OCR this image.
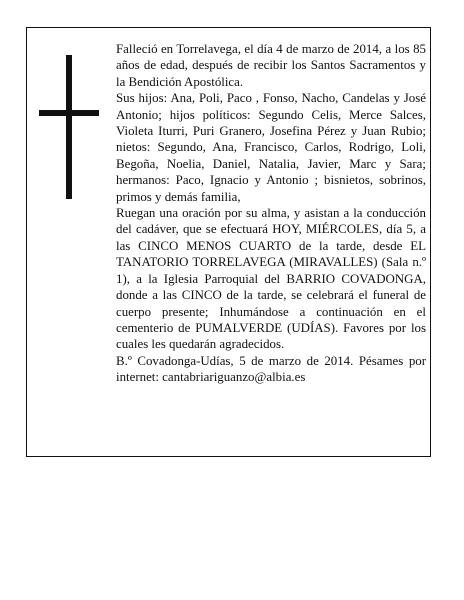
Falleció en Torrelavega, el día 4 de marzo de 2014, a los 85 años de edad, después de recibir los Santos Sacramentos y la Bendición Apostólica.

Sus hijos: Ana, Poli, Paco , Fonso, Nacho, Candelas y José Antonio; hijos políticos: Segundo Celis, Merce Salces, Violeta Iturri, Puri Granero, Josefina Pérez y Juan Rubio; nietos: Segundo, Ana, Francisco, Carlos, Rodrigo, Loli, Begoña, Noelia, Daniel, Natalia, Javier, Marc y Sara; hermanos: Paco, Ignacio y Antonio ; bisnietos, sobrinos, primos y demás familia,

Ruegan una oración por su alma, y asistan a la conducción del cadáver, que se efectuará HOY, MIÉRCOLES, día 5, a las CINCO MENOS CUARTO de la tarde, desde EL TANATORIO TORRELAVEGA (MIRAVALLES) (Sala n.º 1), a la Iglesia Parroquial del BARRIO COVADONGA, donde a las CINCO de la tarde, se celebrará el funeral de cuerpo presente; Inhumándose a continuación en el cementerio de PUMALVERDE (UDÍAS). Favores por los cuales les quedarán agradecidos.

B.º Covadonga-Udías, 5 de marzo de 2014. Pésames por internet: cantabriariguanzo@albia.es
